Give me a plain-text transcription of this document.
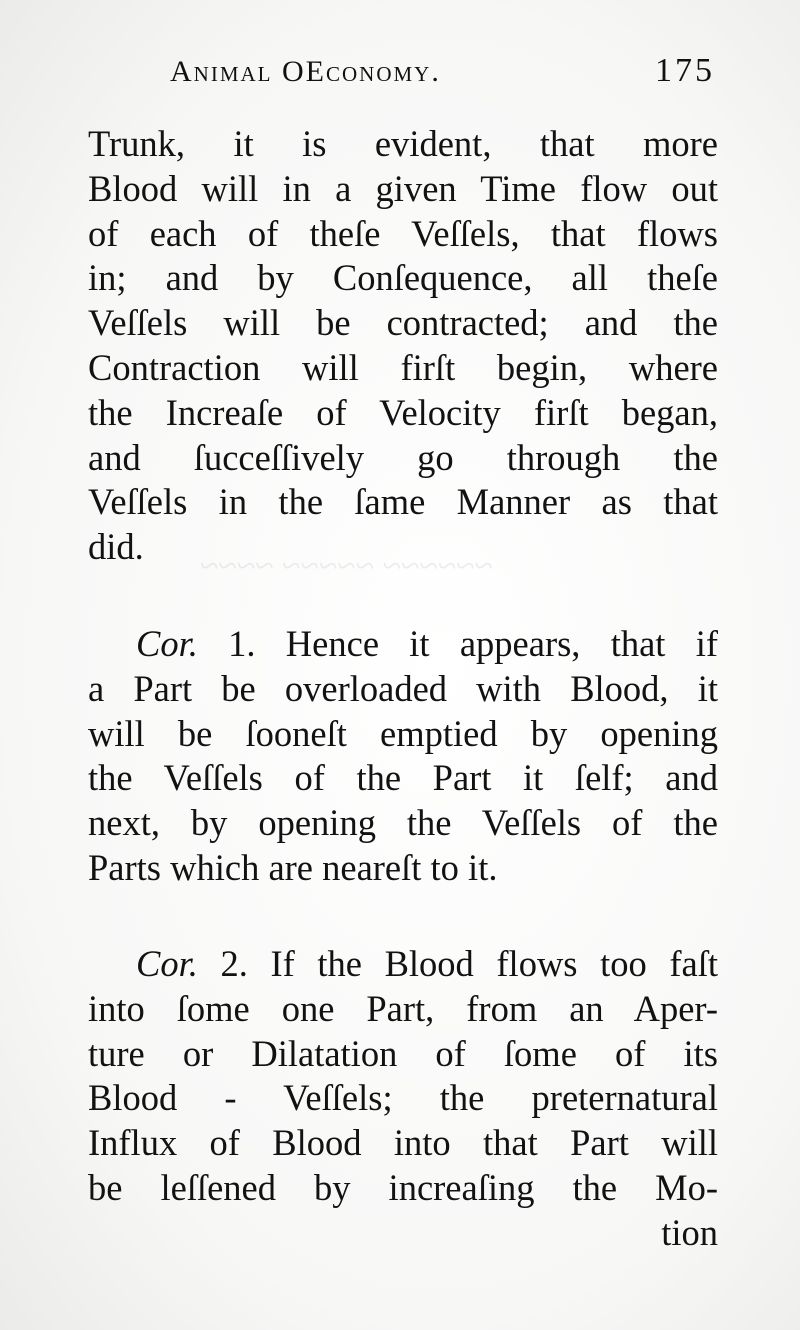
~~~~~~ ~~~~~ ~~~~
Animal OEconomy.	175
Trunk, it is evident, that more
Blood will in a given Time flow out
of each of theſe Veſſels, that flows
in; and by Conſequence, all theſe
Veſſels will be contracted; and the
Contraction will firſt begin, where
the Increaſe of Velocity firſt began,
and ſucceſſively go through the
Veſſels in the ſame Manner as that
did.
Cor. 1. Hence it appears, that if
a Part be overloaded with Blood, it
will be ſooneſt emptied by opening
the Veſſels of the Part it ſelf; and
next, by opening the Veſſels of the
Parts which are neareſt to it.
Cor. 2. If the Blood flows too faſt
into ſome one Part, from an Aper-
ture or Dilatation of ſome of its
Blood - Veſſels; the preternatural
Influx of Blood into that Part will
be leſſened by increaſing the Mo-
tion
